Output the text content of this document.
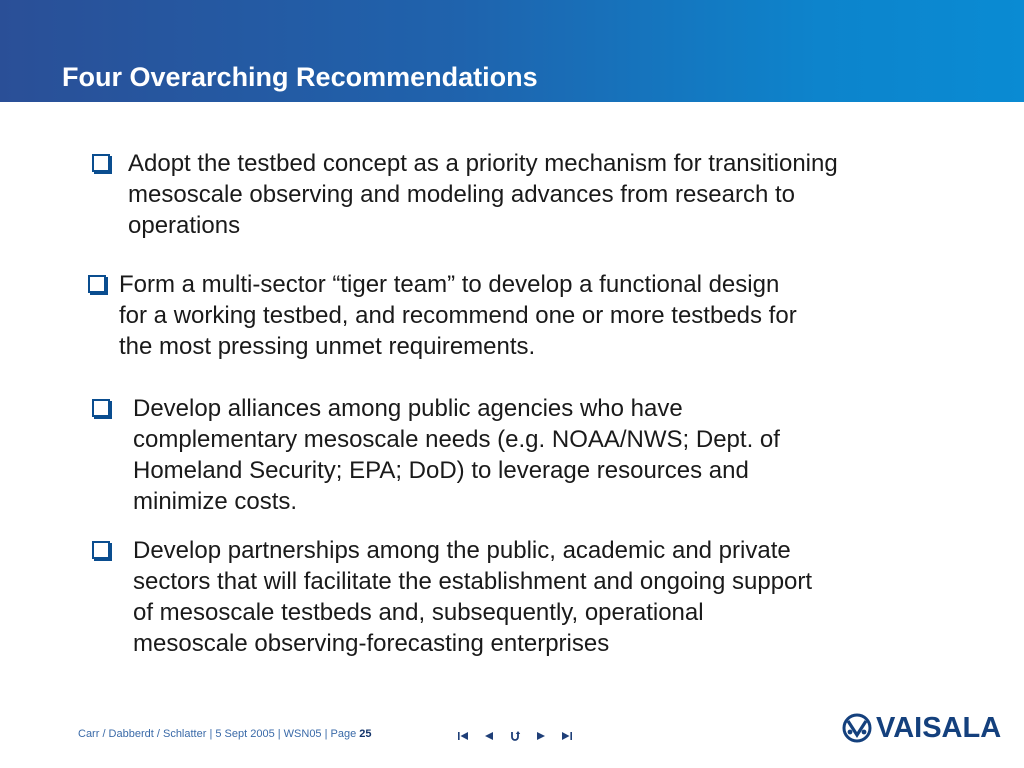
Four Overarching Recommendations
Adopt the testbed concept as a priority mechanism for transitioning
mesoscale observing and modeling advances from research to
operations
Form a multi-sector “tiger team” to develop a functional design
for a working testbed, and recommend one or more testbeds for
the most pressing unmet requirements.
Develop alliances among public agencies who have
complementary mesoscale needs (e.g. NOAA/NWS; Dept. of
Homeland Security; EPA; DoD) to leverage resources and
minimize costs.
Develop partnerships among the public, academic and private
sectors that will facilitate the establishment and ongoing support
of mesoscale testbeds and, subsequently, operational
mesoscale observing-forecasting enterprises
Carr / Dabberdt / Schlatter | 5 Sept 2005 | WSN05 | Page 25	VAISALA
